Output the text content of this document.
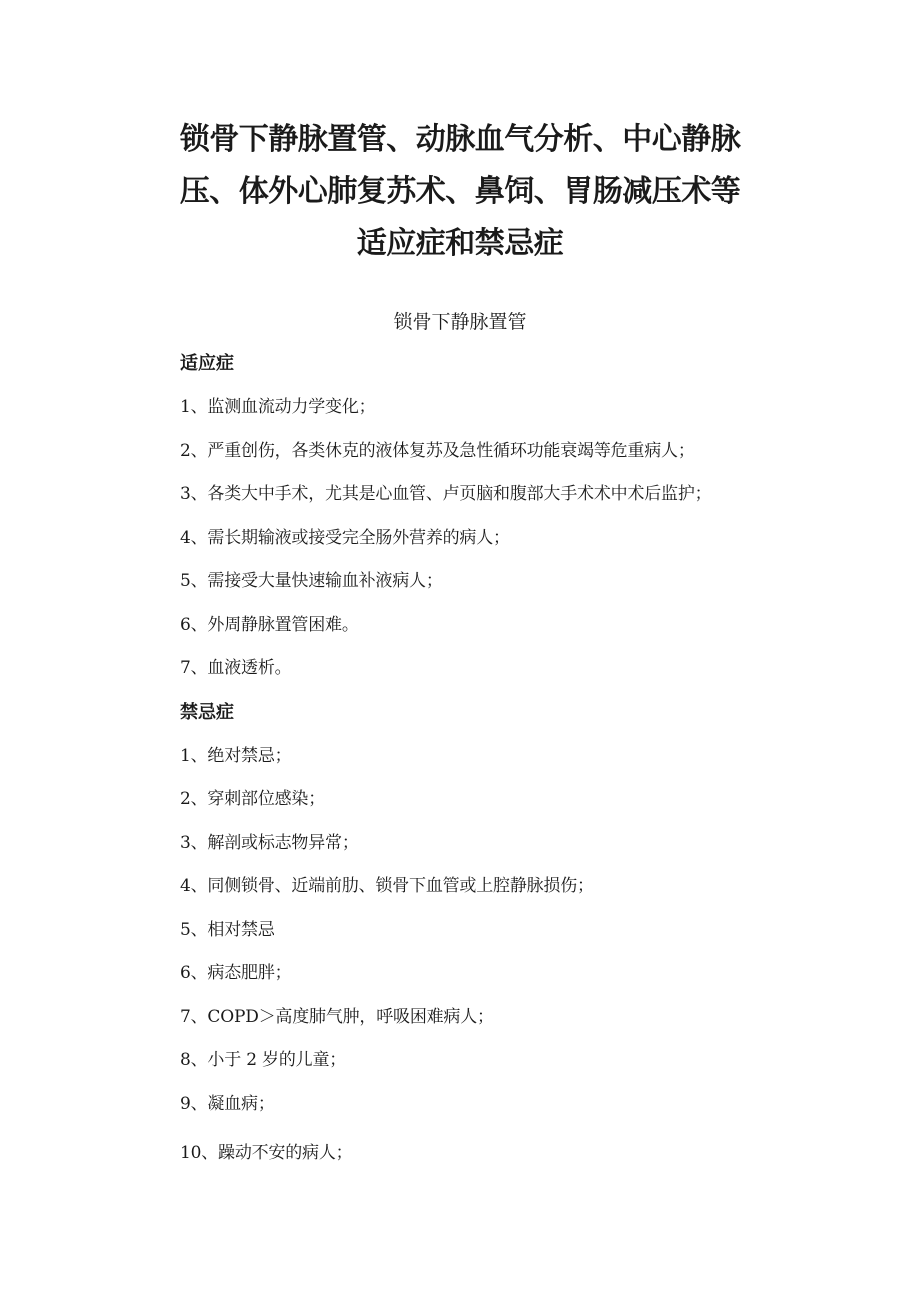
锁骨下静脉置管、动脉血气分析、中心静脉
压、体外心肺复苏术、鼻饲、胃肠减压术等
适应症和禁忌症
锁骨下静脉置管
适应症

1、监测血流动力学变化；

2、严重创伤，各类休克的液体复苏及急性循环功能衰竭等危重病人；

3、各类大中手术，尤其是心血管、卢页脑和腹部大手术术中术后监护；

4、需长期输液或接受完全肠外营养的病人；

5、需接受大量快速输血补液病人；

6、外周静脉置管困难。

7、血液透析。

禁忌症

1、绝对禁忌；

2、穿刺部位感染；

3、解剖或标志物异常；

4、同侧锁骨、近端前肋、锁骨下血管或上腔静脉损伤；

5、相对禁忌

6、病态肥胖；

7、COPD＞高度肺气肿，呼吸困难病人；

8、小于 2 岁的儿童；

9、凝血病；

10、躁动不安的病人；
